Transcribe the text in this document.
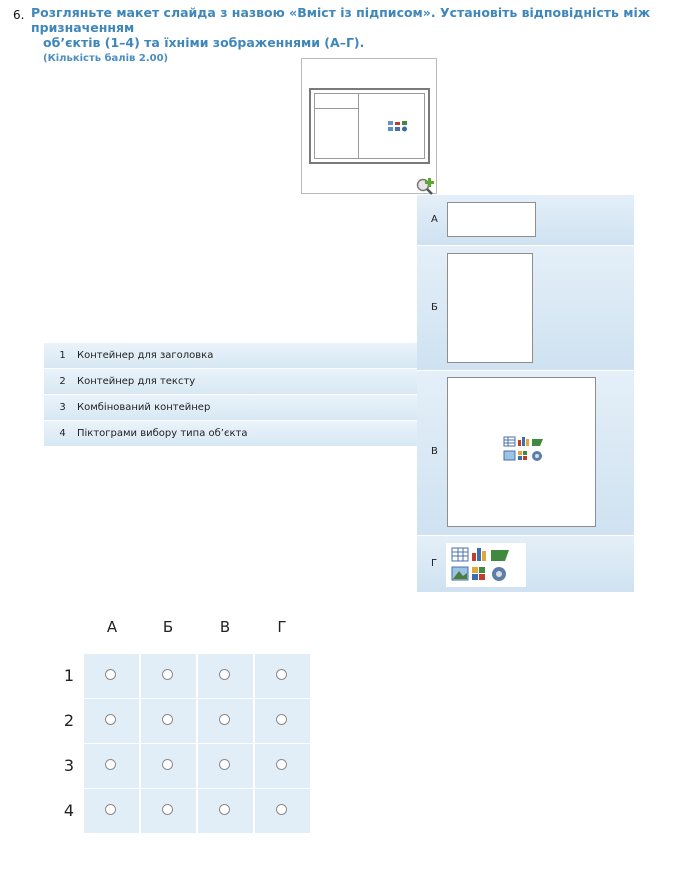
6. Розгляньте макет слайда з назвою «Вміст із підписом». Установіть відповідність між призначенням
об’єктів (1–4) та їхніми зображеннями (А–Г).
(Кількість балів 2.00)
1	Контейнер для заголовка
2	Контейнер для тексту
3	Комбінований контейнер
4	Піктограми вибору типа об’єкта
А
Б
В
Г
А	Б	В	Г
1
2
3
4
